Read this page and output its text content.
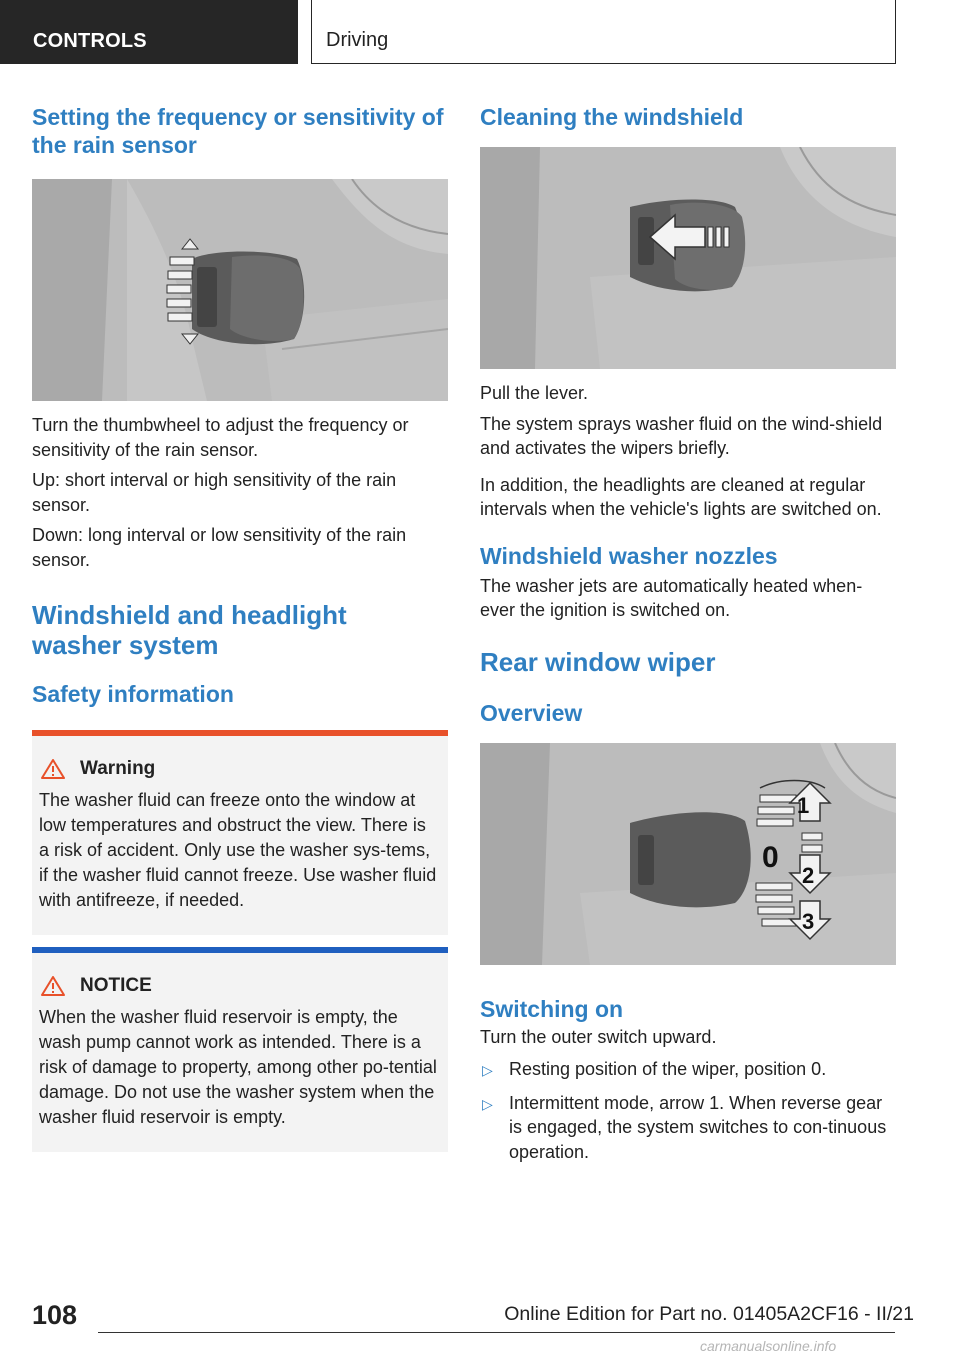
CONTROLS	Driving
Setting the frequency or sensitivity of the rain sensor

Turn the thumbwheel to adjust the frequency or sensitivity of the rain sensor.

Up: short interval or high sensitivity of the rain sensor.

Down: long interval or low sensitivity of the rain sensor.

Windshield and headlight washer system
Safety information
Warning
The washer fluid can freeze onto the window at low temperatures and obstruct the view. There is a risk of accident. Only use the washer sys‐tems, if the washer fluid cannot freeze. Use washer fluid with antifreeze, if needed.
NOTICE
When the washer fluid reservoir is empty, the wash pump cannot work as intended. There is a risk of damage to property, among other po‐tential damage. Do not use the washer system when the washer fluid reservoir is empty.
Cleaning the windshield

Pull the lever.

The system sprays washer fluid on the wind‐shield and activates the wipers briefly.

In addition, the headlights are cleaned at regular intervals when the vehicle's lights are switched on.

Windshield washer nozzles

The washer jets are automatically heated when‐ever the ignition is switched on.

Rear window wiper
Overview
1
0
2
3
Switching on

Turn the outer switch upward.

▷ Resting position of the wiper, position 0.
▷ Intermittent mode, arrow 1. When reverse gear is engaged, the system switches to con‐tinuous operation.
108	Online Edition for Part no. 01405A2CF16 - II/21
carmanualsonline.info
